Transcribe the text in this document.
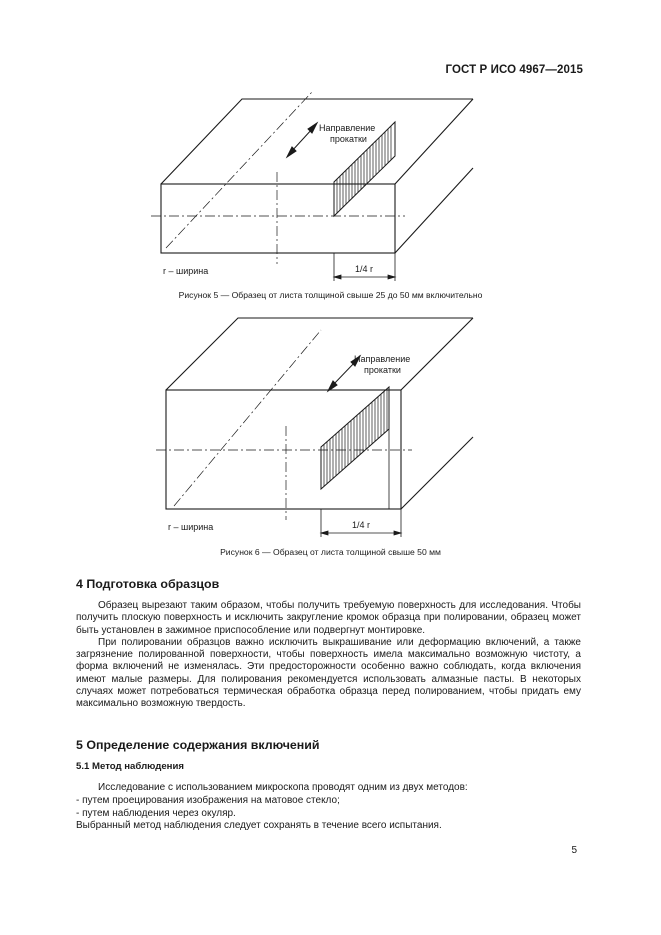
ГОСТ Р ИСО 4967—2015
Направление
прокатки
1/4 r
r – ширина
Рисунок 5 — Образец от листа толщиной свыше 25 до 50 мм включительно
Направление
прокатки
1/4 r
r – ширина
Рисунок 6 — Образец от листа толщиной свыше 50 мм
4 Подготовка образцов

Образец вырезают таким образом, чтобы получить требуемую поверхность для исследования. Чтобы получить плоскую поверхность и исключить закругление кромок образца при полировании, образец может быть установлен в зажимное приспособление или подвергнут монтировке.

При полировании образцов важно исключить выкрашивание или деформацию включений, а также загрязнение полированной поверхности, чтобы поверхность имела максимально возможную чистоту, а форма включений не изменялась. Эти предосторожности особенно важно соблюдать, когда включения имеют малые размеры. Для полирования рекомендуется использовать алмазные пасты. В некоторых случаях может потребоваться термическая обработка образца перед полированием, чтобы придать ему максимально возможную твердость.

5 Определение содержания включений
5.1 Метод наблюдения
Исследование с использованием микроскопа проводят одним из двух методов:
- путем проецирования изображения на матовое стекло;
- путем наблюдения через окуляр.
Выбранный метод наблюдения следует сохранять в течение всего испытания.
5
